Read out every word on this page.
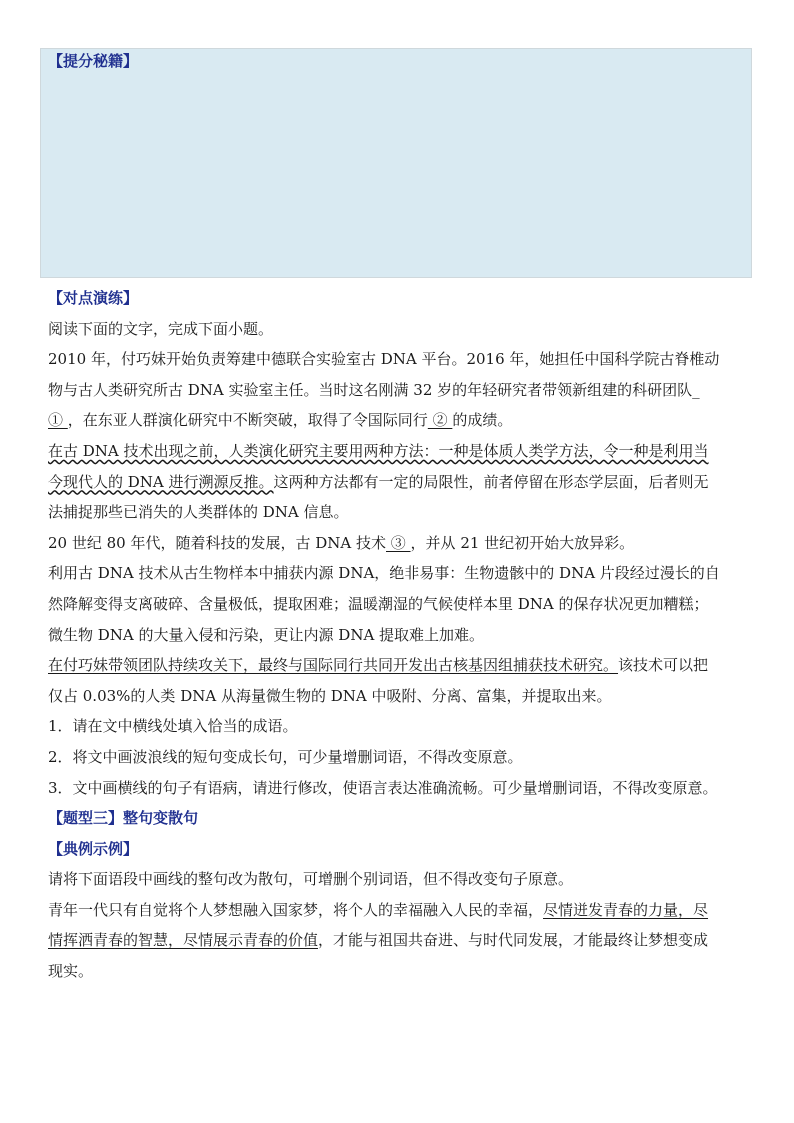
【提分秘籍】
【对点演练】
阅读下面的文字，完成下面小题。
2010 年，付巧妹开始负责筹建中德联合实验室古 DNA 平台。2016 年，她担任中国科学院古脊椎动
物与古人类研究所古 DNA 实验室主任。当时这名刚满 32 岁的年轻研究者带领新组建的科研团队_
① ，在东亚人群演化研究中不断突破，取得了令国际同行 ② 的成绩。
在古 DNA 技术出现之前，人类演化研究主要用两种方法：一种是体质人类学方法，令一种是利用当
今现代人的 DNA 进行溯源反推。这两种方法都有一定的局限性，前者停留在形态学层面，后者则无
法捕捉那些已消失的人类群体的 DNA 信息。
20 世纪 80 年代，随着科技的发展，古 DNA 技术 ③ ，并从 21 世纪初开始大放异彩。
利用古 DNA 技术从古生物样本中捕获内源 DNA，绝非易事：生物遗骸中的 DNA 片段经过漫长的自
然降解变得支离破碎、含量极低，提取困难；温暖潮湿的气候使样本里 DNA 的保存状况更加糟糕；
微生物 DNA 的大量入侵和污染，更让内源 DNA 提取难上加难。
在付巧妹带领团队持续攻关下，最终与国际同行共同开发出古核基因组捕获技术研究。该技术可以把
仅占 0.03%的人类 DNA 从海量微生物的 DNA 中吸附、分离、富集，并提取出来。
1．请在文中横线处填入恰当的成语。
2．将文中画波浪线的短句变成长句，可少量增删词语，不得改变原意。
3．文中画横线的句子有语病，请进行修改，使语言表达准确流畅。可少量增删词语，不得改变原意。
【题型三】整句变散句
【典例示例】
请将下面语段中画线的整句改为散句，可增删个别词语，但不得改变句子原意。
青年一代只有自觉将个人梦想融入国家梦，将个人的幸福融入人民的幸福，尽情迸发青春的力量，尽
情挥洒青春的智慧，尽情展示青春的价值，才能与祖国共奋进、与时代同发展，才能最终让梦想变成
现实。
